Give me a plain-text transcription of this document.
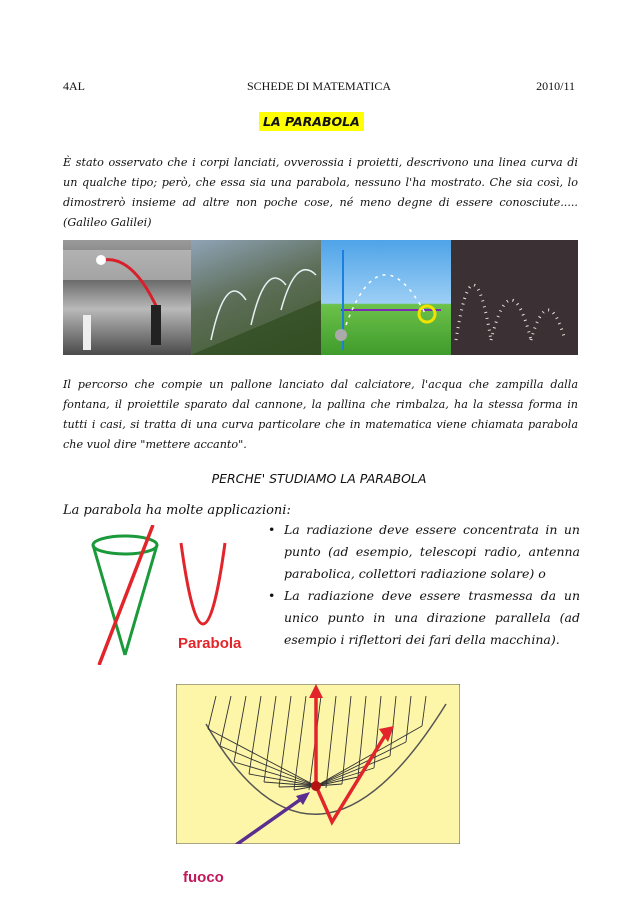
4AL	SCHEDE DI MATEMATICA	2010/11
LA PARABOLA

È stato osservato che i corpi lanciati, ovverossia i proietti, descrivono una linea curva di un qualche tipo; però, che essa sia una parabola, nessuno l'ha mostrato. Che sia così, lo dimostrerò insieme ad altre non poche cose, né meno degne di essere conosciute.....(Galileo Galilei)

Il percorso che compie un pallone lanciato dal calciatore, l'acqua che zampilla dalla fontana, il proiettile sparato dal cannone, la pallina che rimbalza, ha la stessa forma in tutti i casi, si tratta di una curva particolare che in matematica viene chiamata parabola che vuol dire "mettere accanto".

PERCHE' STUDIAMO LA PARABOLA
La parabola ha molte applicazioni:
• La radiazione deve essere concentrata in un punto (ad esempio, telescopi radio, antenna parabolica, collettori radiazione solare) o
• La radiazione deve essere trasmessa da un unico punto in una dirazione parallela (ad esempio i riflettori dei fari della macchina).
Parabola
fuoco
